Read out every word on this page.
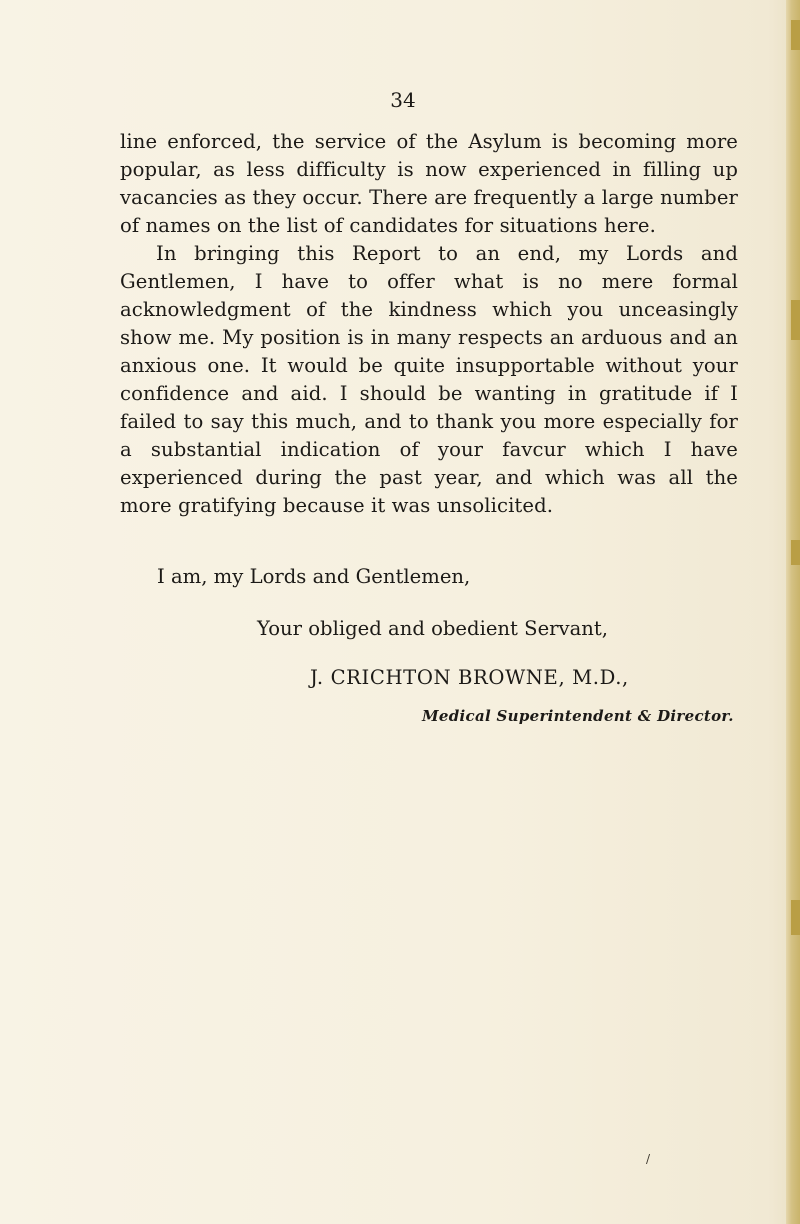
34

line enforced, the service of the Asylum is becoming more popular, as less difficulty is now experienced in filling up vacancies as they occur. There are frequently a large number of names on the list of candidates for situations here.

In bringing this Report to an end, my Lords and Gentlemen, I have to offer what is no mere formal acknowledgment of the kindness which you unceasingly show me. My position is in many respects an arduous and an anxious one. It would be quite insupportable without your confidence and aid. I should be wanting in gratitude if I failed to say this much, and to thank you more especially for a substantial indication of your favcur which I have experienced during the past year, and which was all the more gratifying because it was unsolicited.

I am, my Lords and Gentlemen,
Your obliged and obedient Servant,
J. CRICHTON BROWNE, M.D.,
Medical Superintendent & Director.
/
